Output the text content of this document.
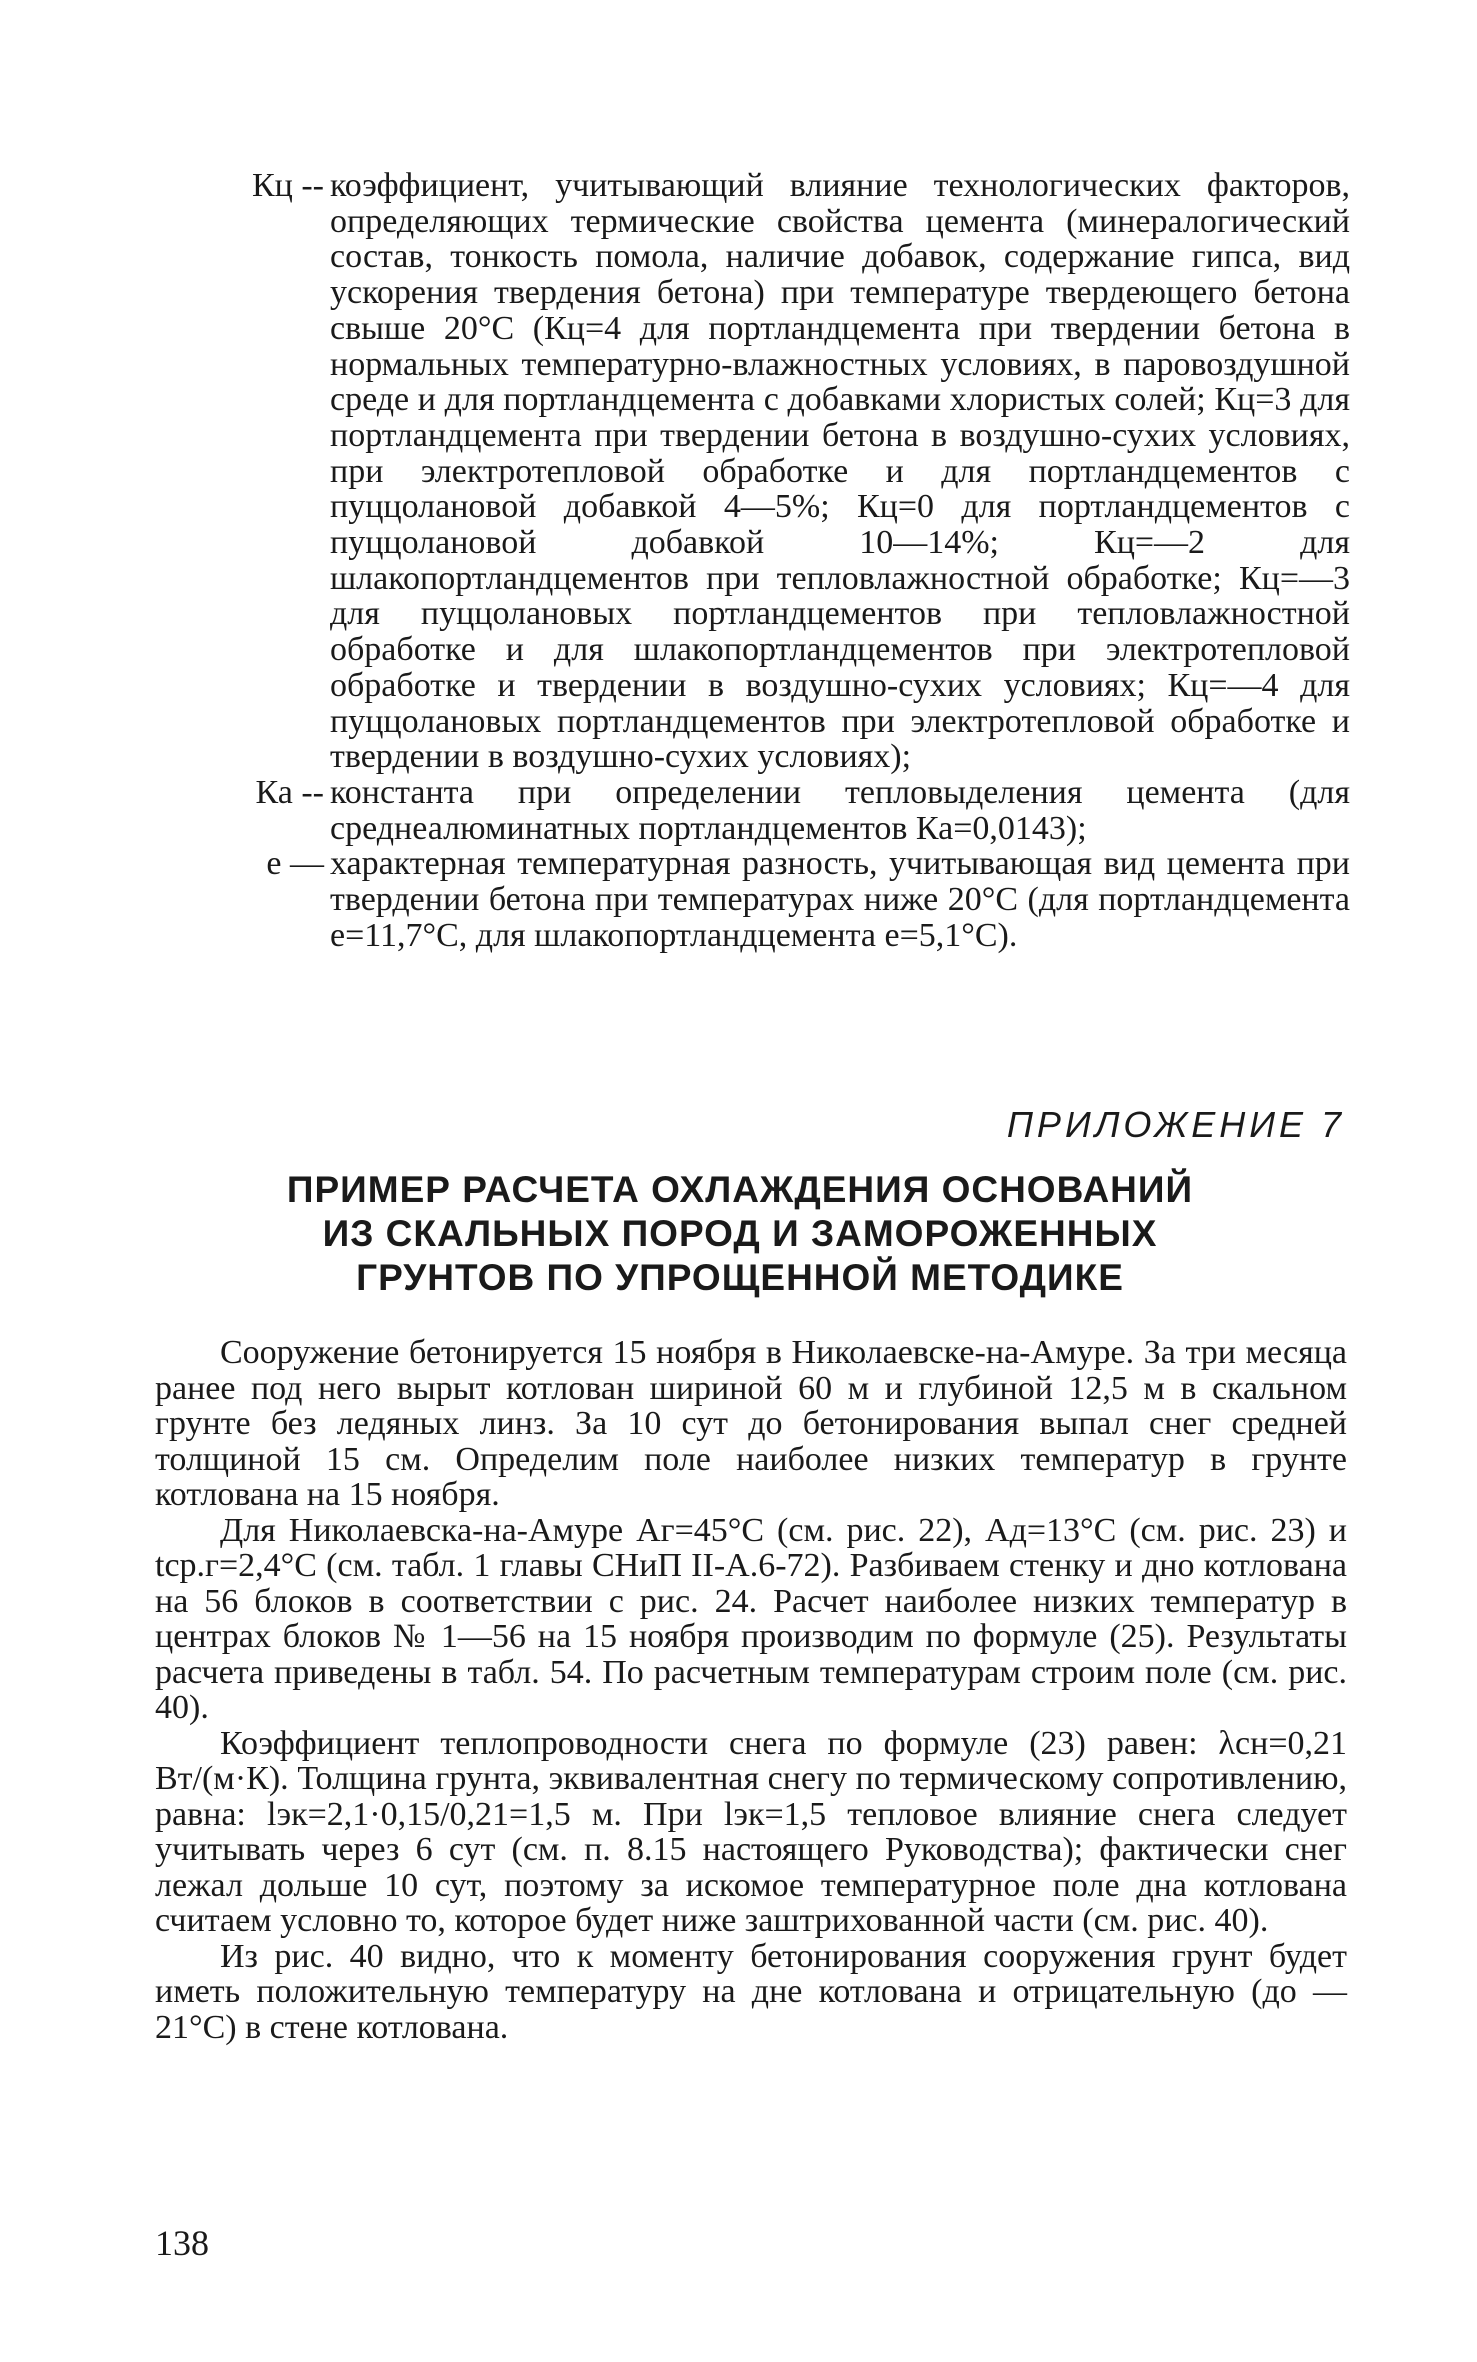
Кц -- коэффициент, учитывающий влияние технологических факторов, определяющих термические свойства цемента (минералогический состав, тонкость помола, наличие добавок, содержание гипса, вид ускорения твердения бетона) при температуре твердеющего бетона свыше 20°С (Кц=4 для портландцемента при твердении бетона в нормальных температурно-влажностных условиях, в паровоздушной среде и для портландцемента с добавками хлористых солей; Кц=3 для портландцемента при твердении бетона в воздушно-сухих условиях, при электротепловой обработке и для портландцементов с пуццолановой добавкой 4—5%; Кц=0 для портландцементов с пуццолановой добавкой 10—14%; Кц=—2 для шлакопортландцементов при тепловлажностной обработке; Кц=—3 для пуццолановых портландцементов при тепловлажностной обработке и для шлакопортландцементов при электротепловой обработке и твердении в воздушно-сухих условиях; Кц=—4 для пуццолановых портландцементов при электротепловой обработке и твердении в воздушно-сухих условиях);

Ка -- константа при определении тепловыделения цемента (для среднеалюминатных портландцементов Ка=0,0143);

е — характерная температурная разность, учитывающая вид цемента при твердении бетона при температурах ниже 20°С (для портландцемента е=11,7°С, для шлакопортландцемента е=5,1°С).

ПРИЛОЖЕНИЕ 7

ПРИМЕР РАСЧЕТА ОХЛАЖДЕНИЯ ОСНОВАНИЙ
ИЗ СКАЛЬНЫХ ПОРОД И ЗАМОРОЖЕННЫХ
ГРУНТОВ ПО УПРОЩЕННОЙ МЕТОДИКЕ

Сооружение бетонируется 15 ноября в Николаевске-на-Амуре. За три месяца ранее под него вырыт котлован шириной 60 м и глубиной 12,5 м в скальном грунте без ледяных линз. За 10 сут до бетонирования выпал снег средней толщиной 15 см. Определим поле наиболее низких температур в грунте котлована на 15 ноября.

Для Николаевска-на-Амуре Аг=45°С (см. рис. 22), Ад=13°С (см. рис. 23) и tср.г=2,4°С (см. табл. 1 главы СНиП II-А.6-72). Разбиваем стенку и дно котлована на 56 блоков в соответствии с рис. 24. Расчет наиболее низких температур в центрах блоков № 1—56 на 15 ноября производим по формуле (25). Результаты расчета приведены в табл. 54. По расчетным температурам строим поле (см. рис. 40).

Коэффициент теплопроводности снега по формуле (23) равен: λсн=0,21 Вт/(м·К). Толщина грунта, эквивалентная снегу по термическому сопротивлению, равна: lэк=2,1·0,15/0,21=1,5 м. При lэк=1,5 тепловое влияние снега следует учитывать через 6 сут (см. п. 8.15 настоящего Руководства); фактически снег лежал дольше 10 сут, поэтому за искомое температурное поле дна котлована считаем условно то, которое будет ниже заштрихованной части (см. рис. 40).

Из рис. 40 видно, что к моменту бетонирования сооружения грунт будет иметь положительную температуру на дне котлована и отрицательную (до —21°С) в стене котлована.

138
